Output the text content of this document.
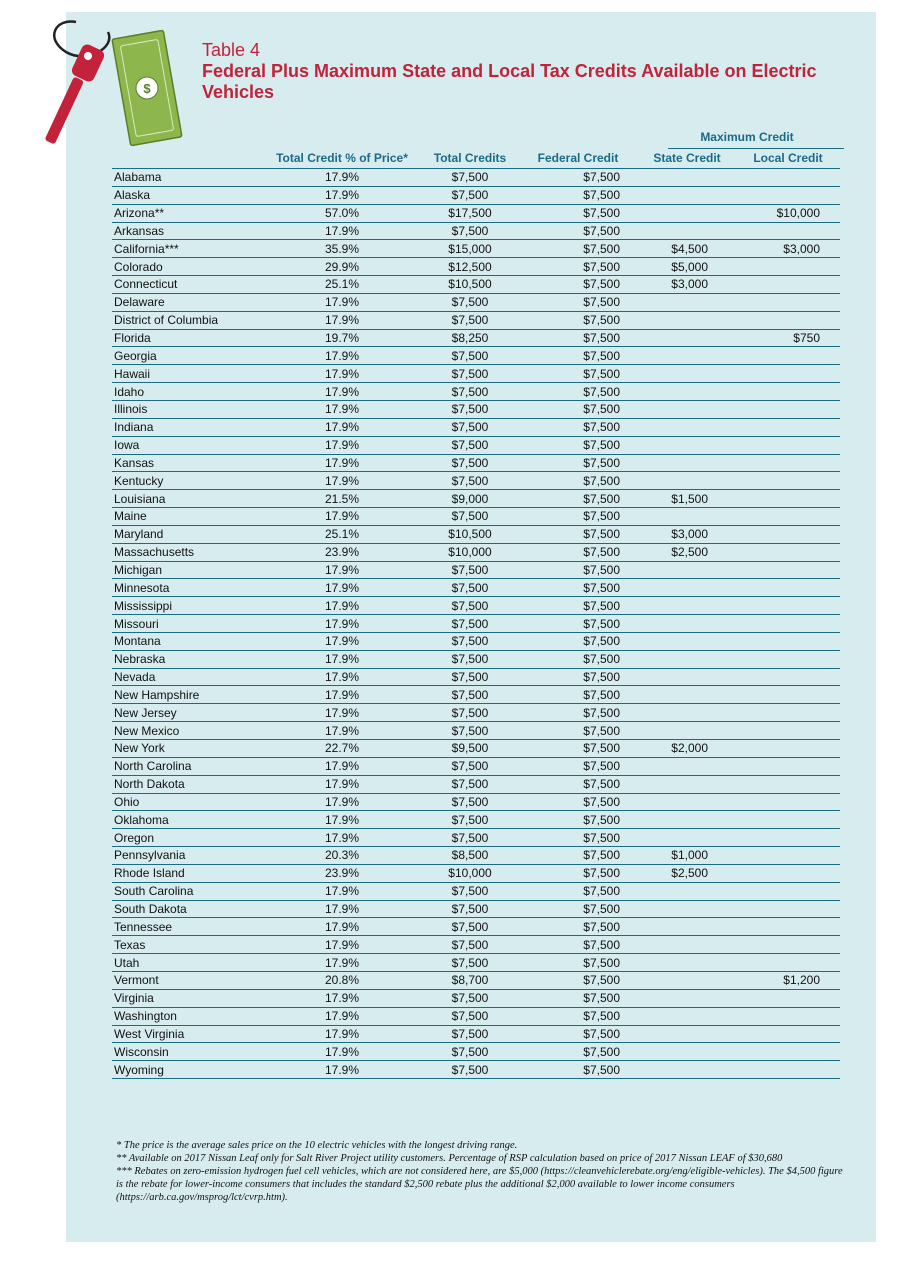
$
Table 4
Federal Plus Maximum State and Local Tax Credits Available on Electric Vehicles
Maximum Credit
	Total Credit % of Price*	Total Credits	Federal Credit	State Credit	Local Credit
Alabama	17.9%	$7,500	$7,500		
Alaska	17.9%	$7,500	$7,500		
Arizona**	57.0%	$17,500	$7,500		$10,000
Arkansas	17.9%	$7,500	$7,500		
California***	35.9%	$15,000	$7,500	$4,500	$3,000
Colorado	29.9%	$12,500	$7,500	$5,000	
Connecticut	25.1%	$10,500	$7,500	$3,000	
Delaware	17.9%	$7,500	$7,500		
District of Columbia	17.9%	$7,500	$7,500		
Florida	19.7%	$8,250	$7,500		$750
Georgia	17.9%	$7,500	$7,500		
Hawaii	17.9%	$7,500	$7,500		
Idaho	17.9%	$7,500	$7,500		
Illinois	17.9%	$7,500	$7,500		
Indiana	17.9%	$7,500	$7,500		
Iowa	17.9%	$7,500	$7,500		
Kansas	17.9%	$7,500	$7,500		
Kentucky	17.9%	$7,500	$7,500		
Louisiana	21.5%	$9,000	$7,500	$1,500	
Maine	17.9%	$7,500	$7,500		
Maryland	25.1%	$10,500	$7,500	$3,000	
Massachusetts	23.9%	$10,000	$7,500	$2,500	
Michigan	17.9%	$7,500	$7,500		
Minnesota	17.9%	$7,500	$7,500		
Mississippi	17.9%	$7,500	$7,500		
Missouri	17.9%	$7,500	$7,500		
Montana	17.9%	$7,500	$7,500		
Nebraska	17.9%	$7,500	$7,500		
Nevada	17.9%	$7,500	$7,500		
New Hampshire	17.9%	$7,500	$7,500		
New Jersey	17.9%	$7,500	$7,500		
New Mexico	17.9%	$7,500	$7,500		
New York	22.7%	$9,500	$7,500	$2,000	
North Carolina	17.9%	$7,500	$7,500		
North Dakota	17.9%	$7,500	$7,500		
Ohio	17.9%	$7,500	$7,500		
Oklahoma	17.9%	$7,500	$7,500		
Oregon	17.9%	$7,500	$7,500		
Pennsylvania	20.3%	$8,500	$7,500	$1,000	
Rhode Island	23.9%	$10,000	$7,500	$2,500	
South Carolina	17.9%	$7,500	$7,500		
South Dakota	17.9%	$7,500	$7,500		
Tennessee	17.9%	$7,500	$7,500		
Texas	17.9%	$7,500	$7,500		
Utah	17.9%	$7,500	$7,500		
Vermont	20.8%	$8,700	$7,500		$1,200
Virginia	17.9%	$7,500	$7,500		
Washington	17.9%	$7,500	$7,500		
West Virginia	17.9%	$7,500	$7,500		
Wisconsin	17.9%	$7,500	$7,500		
Wyoming	17.9%	$7,500	$7,500		

* The price is the average sales price on the 10 electric vehicles with the longest driving range.

** Available on 2017 Nissan Leaf only for Salt River Project utility customers. Percentage of RSP calculation based on price of 2017 Nissan LEAF of $30,680

*** Rebates on zero-emission hydrogen fuel cell vehicles, which are not considered here, are $5,000 (https://cleanvehiclerebate.org/eng/eligible-vehicles). The $4,500 figure is the rebate for lower-income consumers that includes the standard $2,500 rebate plus the additional $2,000 available to lower income consumers (https://arb.ca.gov/msprog/lct/cvrp.htm).
